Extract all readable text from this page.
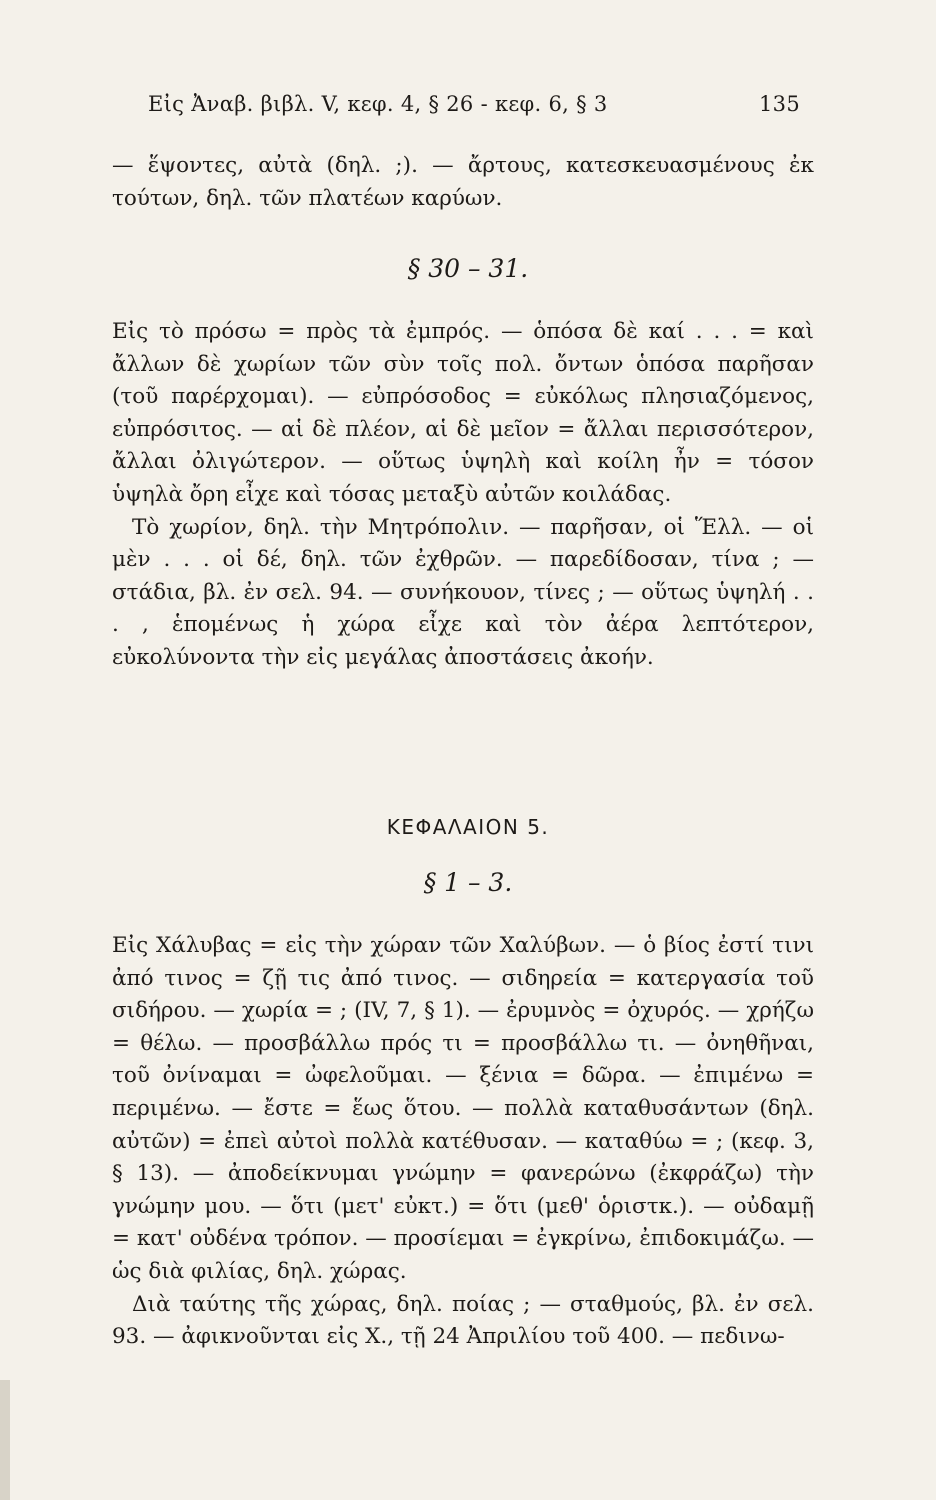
Εἰς Ἀναβ. βιβλ. V, κεφ. 4, § 26 - κεφ. 6, § 3	135

— ἕψοντες, αὐτὰ (δηλ. ;). — ἄρτους, κατεσκευασμένους ἐκ τούτων, δηλ. τῶν πλατέων καρύων.

§ 30 – 31.

Εἰς τὸ πρόσω = πρὸς τὰ ἐμπρός. — ὁπόσα δὲ καί . . . = καὶ ἄλλων δὲ χωρίων τῶν σὺν τοῖς πολ. ὄντων ὁπόσα παρῆσαν (τοῦ παρέρχομαι). — εὐπρόσοδος = εὐκόλως πλησιαζόμενος, εὐπρόσιτος. — αἱ δὲ πλέον, αἱ δὲ μεῖον = ἄλλαι περισσότερον, ἄλλαι ὀλιγώτερον. — οὕτως ὑψηλὴ καὶ κοίλη ἦν = τόσον ὑψηλὰ ὄρη εἶχε καὶ τόσας μεταξὺ αὐτῶν κοιλάδας.

Τὸ χωρίον, δηλ. τὴν Μητρόπολιν. — παρῆσαν, οἱ Ἕλλ. — οἱ μὲν . . . οἱ δέ, δηλ. τῶν ἐχθρῶν. — παρεδίδοσαν, τίνα ; — στάδια, βλ. ἐν σελ. 94. — συνήκουον, τίνες ; — οὕτως ὑψηλή . . . , ἑπομένως ἡ χώρα εἶχε καὶ τὸν ἀέρα λεπτότερον, εὐκολύνοντα τὴν εἰς μεγάλας ἀποστάσεις ἀκοήν.

ΚΕΦΑΛΑΙΟΝ 5.
§ 1 – 3.

Εἰς Χάλυβας = εἰς τὴν χώραν τῶν Χαλύβων. — ὁ βίος ἐστί τινι ἀπό τινος = ζῇ τις ἀπό τινος. — σιδηρεία = κατεργασία τοῦ σιδήρου. — χωρία = ; (IV, 7, § 1). — ἐρυμνὸς = ὀχυρός. — χρήζω = θέλω. — προσβάλλω πρός τι = προσβάλλω τι. — ὀνηθῆναι, τοῦ ὀνίναμαι = ὠφελοῦμαι. — ξένια = δῶρα. — ἐπιμένω = περιμένω. — ἔστε = ἕως ὅτου. — πολλὰ καταθυσάντων (δηλ. αὐτῶν) = ἐπεὶ αὐτοὶ πολλὰ κατέθυσαν. — καταθύω = ; (κεφ. 3, § 13). — ἀποδείκνυμαι γνώμην = φανερώνω (ἐκφράζω) τὴν γνώμην μου. — ὅτι (μετ' εὐκτ.) = ὅτι (μεθ' ὁριστκ.). — οὐδαμῇ = κατ' οὐδένα τρόπον. — προσίεμαι = ἐγκρίνω, ἐπιδοκιμάζω. — ὡς διὰ φιλίας, δηλ. χώρας.

Διὰ ταύτης τῆς χώρας, δηλ. ποίας ; — σταθμούς, βλ. ἐν σελ. 93. — ἀφικνοῦνται εἰς Χ., τῇ 24 Ἀπριλίου τοῦ 400. — πεδινω-
